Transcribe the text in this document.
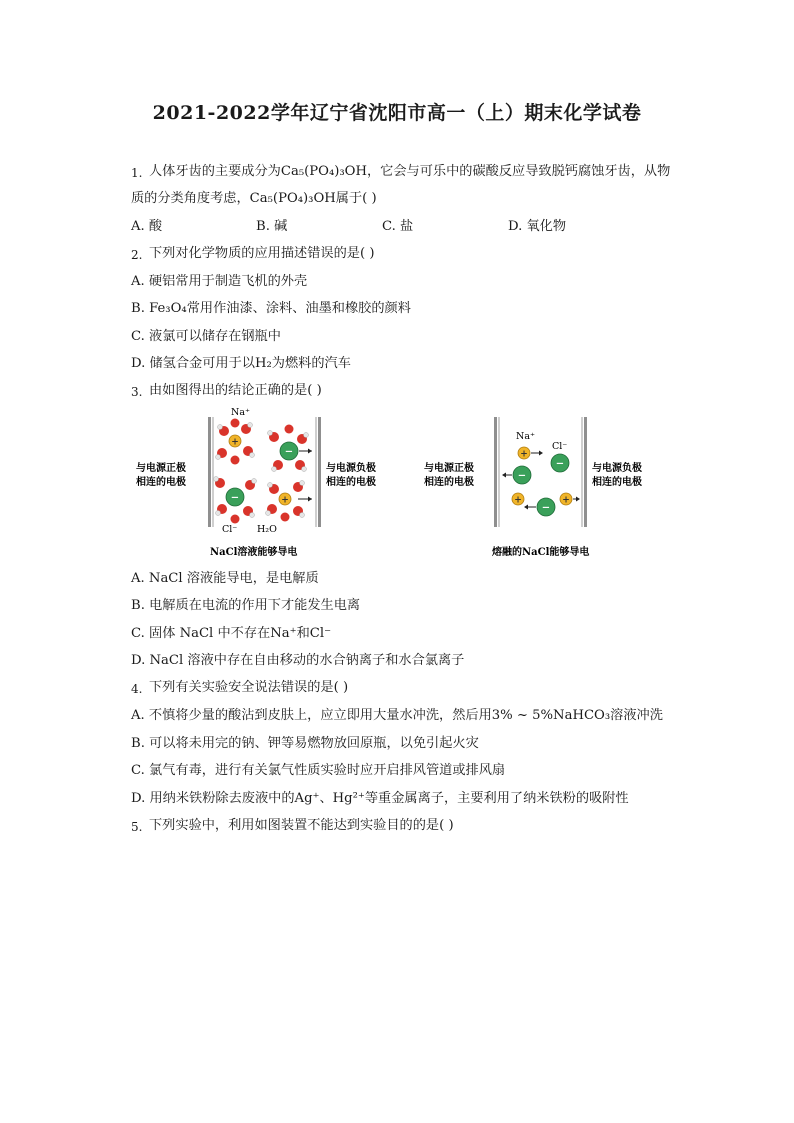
2021-2022学年辽宁省沈阳市高一（上）期末化学试卷
1. 人体牙齿的主要成分为Ca₅(PO₄)₃OH，它会与可乐中的碳酸反应导致脱钙腐蚀牙齿，从物
质的分类角度考虑，Ca₅(PO₄)₃OH属于( )
A. 酸	B. 碱	C. 盐	D. 氧化物
2. 下列对化学物质的应用描述错误的是( )
A. 硬铝常用于制造飞机的外壳
B. Fe₃O₄常用作油漆、涂料、油墨和橡胶的颜料
C. 液氯可以储存在钢瓶中
D. 储氢合金可用于以H₂为燃料的汽车
3. 由如图得出的结论正确的是( )
与电源正极
相连的电极
与电源负极
相连的电极
+
Na⁺
−
−
Cl⁻
+
H₂O
NaCl溶液能够导电
与电源正极
相连的电极
与电源负极
相连的电极
Na⁺
Cl⁻
+
−
−
+
−
+
熔融的NaCl能够导电
A. NaCl 溶液能导电，是电解质
B. 电解质在电流的作用下才能发生电离
C. 固体 NaCl 中不存在Na⁺和Cl⁻
D. NaCl 溶液中存在自由移动的水合钠离子和水合氯离子
4. 下列有关实验安全说法错误的是( )
A. 不慎将少量的酸沾到皮肤上，应立即用大量水冲洗，然后用3% ~ 5%NaHCO₃溶液冲洗
B. 可以将未用完的钠、钾等易燃物放回原瓶，以免引起火灾
C. 氯气有毒，进行有关氯气性质实验时应开启排风管道或排风扇
D. 用纳米铁粉除去废液中的Ag⁺、Hg²⁺等重金属离子，主要利用了纳米铁粉的吸附性
5. 下列实验中，利用如图装置不能达到实验目的的是( )
